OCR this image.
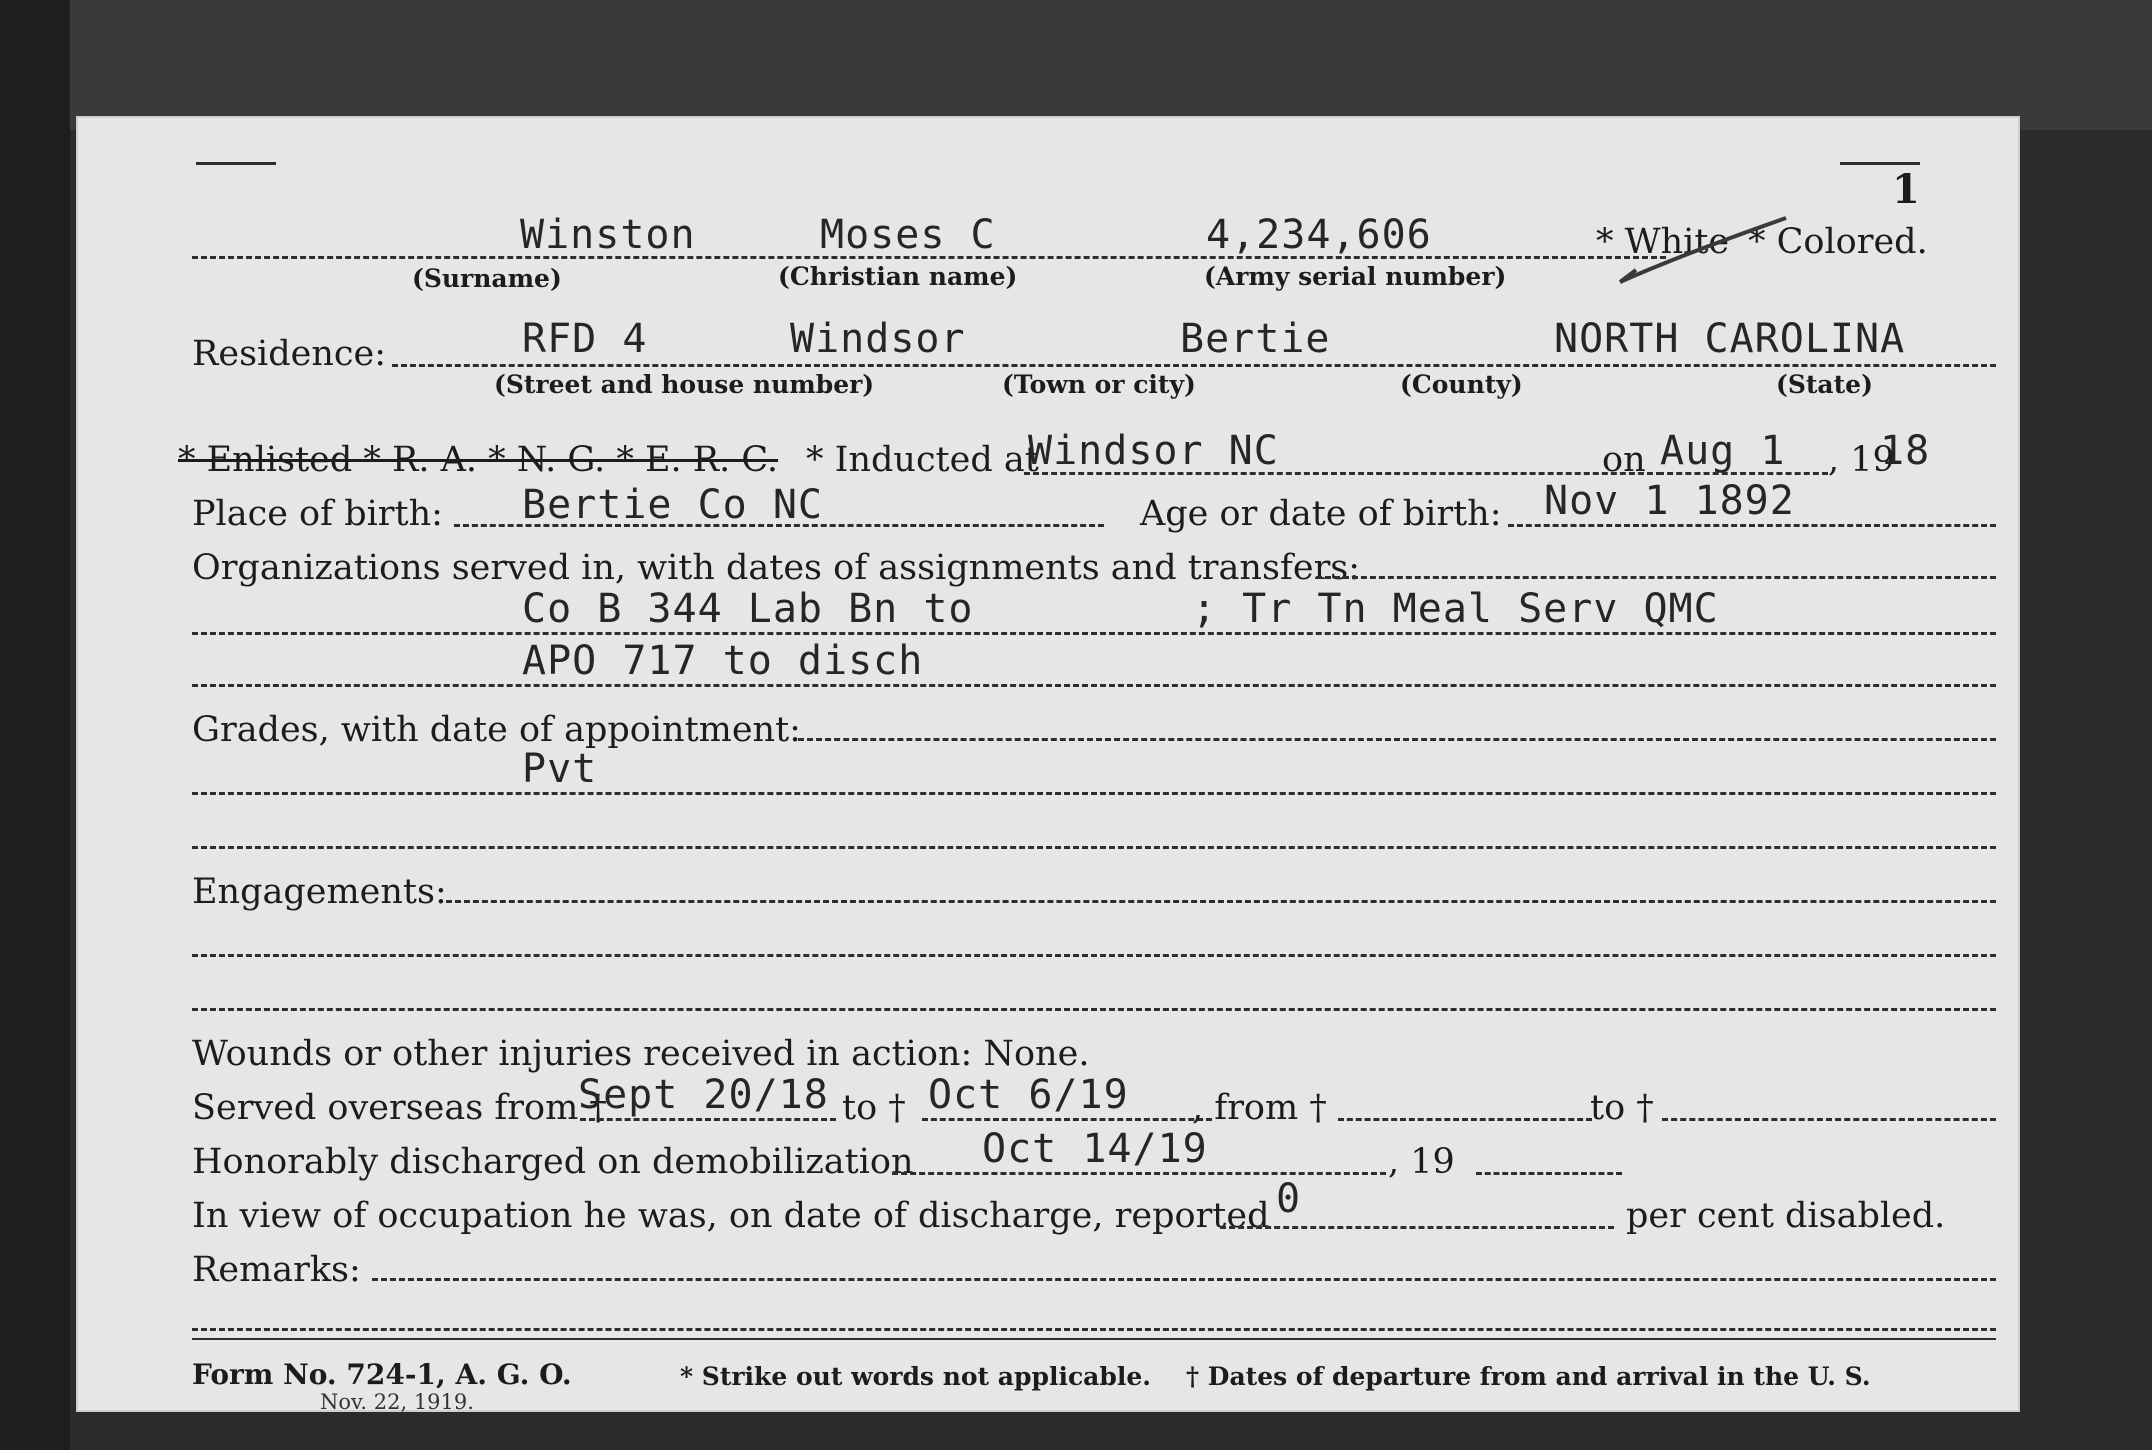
1
Winston	Moses C	4,234,606	* White * Colored.
(Surname)	(Christian name)	(Army serial number)
Residence:	RFD 4	Windsor	Bertie	NORTH CAROLINA
(Street and house number)	(Town or city)	(County)	(State)
* Enlisted * R. A. * N. G. * E. R. C. * Inducted at
Windsor NC	on Aug 1 , 19
18
Place of birth: Bertie Co NC	Age or date of birth: Nov 1 1892
Organizations served in, with dates of assignments and transfers:
Co B 344 Lab Bn to	; Tr Tn Meal Serv QMC
APO 717 to disch
Grades, with date of appointment:
Pvt
Engagements:
Wounds or other injuries received in action: None.
Served overseas from †
Sept 20/18 to † Oct 6/19 , from †	to †
Honorably discharged on demobilization Oct 14/19	, 19
In view of occupation he was, on date of discharge, reported 0	per cent disabled.
Remarks:
Form No. 724-1, A. G. O.
Nov. 22, 1919.
* Strike out words not applicable. † Dates of departure from and arrival in the U. S.
